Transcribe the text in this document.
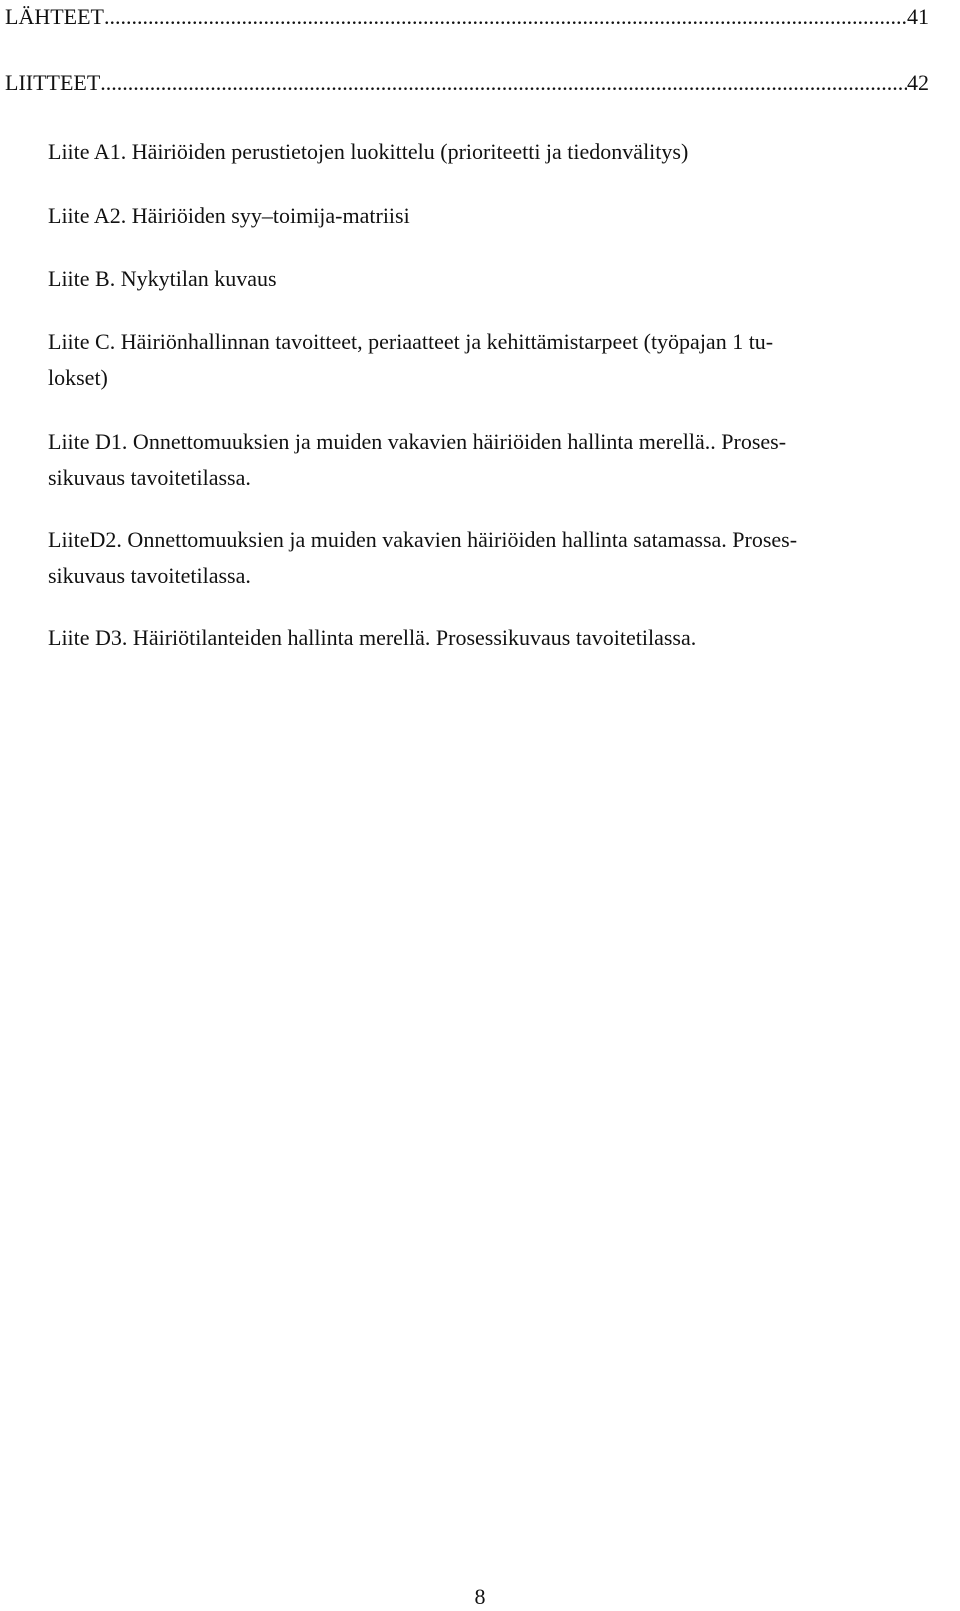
LÄHTEET .....	41
LIITTEET .....	42

Liite A1. Häiriöiden perustietojen luokittelu (prioriteetti ja tiedonvälitys)

Liite A2. Häiriöiden syy–toimija-matriisi

Liite B. Nykytilan kuvaus

Liite C. Häiriönhallinnan tavoitteet, periaatteet ja kehittämistarpeet (työpajan 1 tu-
lokset)

Liite D1. Onnettomuuksien ja muiden vakavien häiriöiden hallinta merellä.. Proses-
sikuvaus tavoitetilassa.

LiiteD2. Onnettomuuksien ja muiden vakavien häiriöiden hallinta satamassa. Proses-
sikuvaus tavoitetilassa.

Liite D3. Häiriötilanteiden hallinta merellä. Prosessikuvaus tavoitetilassa.

8
